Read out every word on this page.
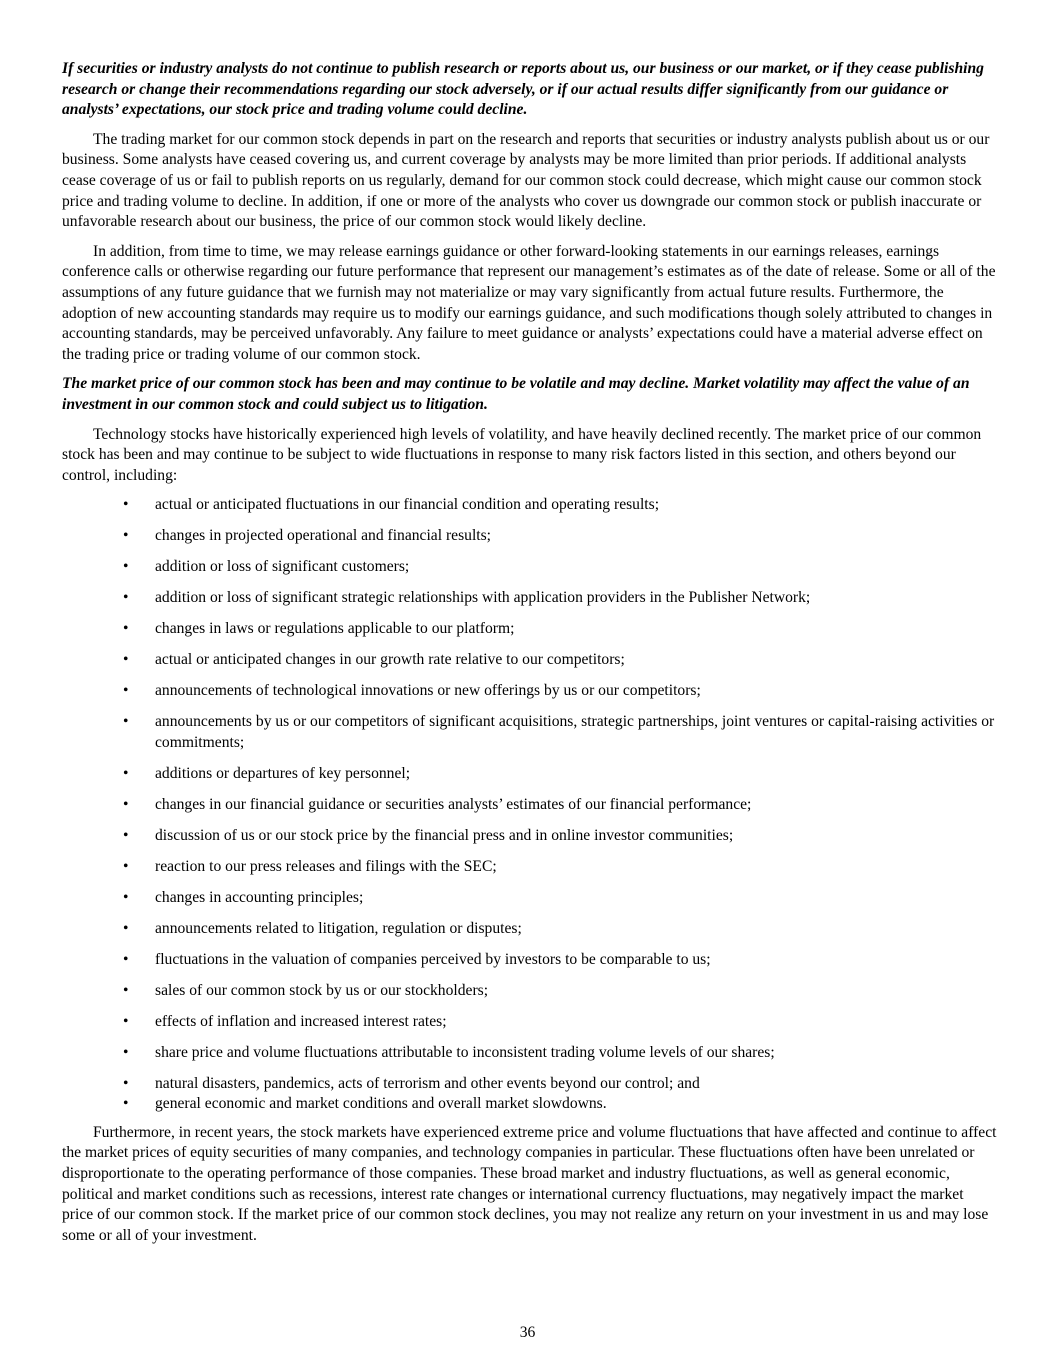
If securities or industry analysts do not continue to publish research or reports about us, our business or our market, or if they cease publishing research or change their recommendations regarding our stock adversely, or if our actual results differ significantly from our guidance or analysts’ expectations, our stock price and trading volume could decline.

The trading market for our common stock depends in part on the research and reports that securities or industry analysts publish about us or our business. Some analysts have ceased covering us, and current coverage by analysts may be more limited than prior periods. If additional analysts cease coverage of us or fail to publish reports on us regularly, demand for our common stock could decrease, which might cause our common stock price and trading volume to decline. In addition, if one or more of the analysts who cover us downgrade our common stock or publish inaccurate or unfavorable research about our business, the price of our common stock would likely decline.

In addition, from time to time, we may release earnings guidance or other forward-looking statements in our earnings releases, earnings conference calls or otherwise regarding our future performance that represent our management’s estimates as of the date of release. Some or all of the assumptions of any future guidance that we furnish may not materialize or may vary significantly from actual future results. Furthermore, the adoption of new accounting standards may require us to modify our earnings guidance, and such modifications though solely attributed to changes in accounting standards, may be perceived unfavorably. Any failure to meet guidance or analysts’ expectations could have a material adverse effect on the trading price or trading volume of our common stock.

The market price of our common stock has been and may continue to be volatile and may decline. Market volatility may affect the value of an investment in our common stock and could subject us to litigation.

Technology stocks have historically experienced high levels of volatility, and have heavily declined recently. The market price of our common stock has been and may continue to be subject to wide fluctuations in response to many risk factors listed in this section, and others beyond our control, including:

• actual or anticipated fluctuations in our financial condition and operating results;
• changes in projected operational and financial results;
• addition or loss of significant customers;
• addition or loss of significant strategic relationships with application providers in the Publisher Network;
• changes in laws or regulations applicable to our platform;
• actual or anticipated changes in our growth rate relative to our competitors;
• announcements of technological innovations or new offerings by us or our competitors;
• announcements by us or our competitors of significant acquisitions, strategic partnerships, joint ventures or capital-raising activities or commitments;
• additions or departures of key personnel;
• changes in our financial guidance or securities analysts’ estimates of our financial performance;
• discussion of us or our stock price by the financial press and in online investor communities;
• reaction to our press releases and filings with the SEC;
• changes in accounting principles;
• announcements related to litigation, regulation or disputes;
• fluctuations in the valuation of companies perceived by investors to be comparable to us;
• sales of our common stock by us or our stockholders;
• effects of inflation and increased interest rates;
• share price and volume fluctuations attributable to inconsistent trading volume levels of our shares;
• natural disasters, pandemics, acts of terrorism and other events beyond our control; and
• general economic and market conditions and overall market slowdowns.

Furthermore, in recent years, the stock markets have experienced extreme price and volume fluctuations that have affected and continue to affect the market prices of equity securities of many companies, and technology companies in particular. These fluctuations often have been unrelated or disproportionate to the operating performance of those companies. These broad market and industry fluctuations, as well as general economic, political and market conditions such as recessions, interest rate changes or international currency fluctuations, may negatively impact the market price of our common stock. If the market price of our common stock declines, you may not realize any return on your investment in us and may lose some or all of your investment.

36
